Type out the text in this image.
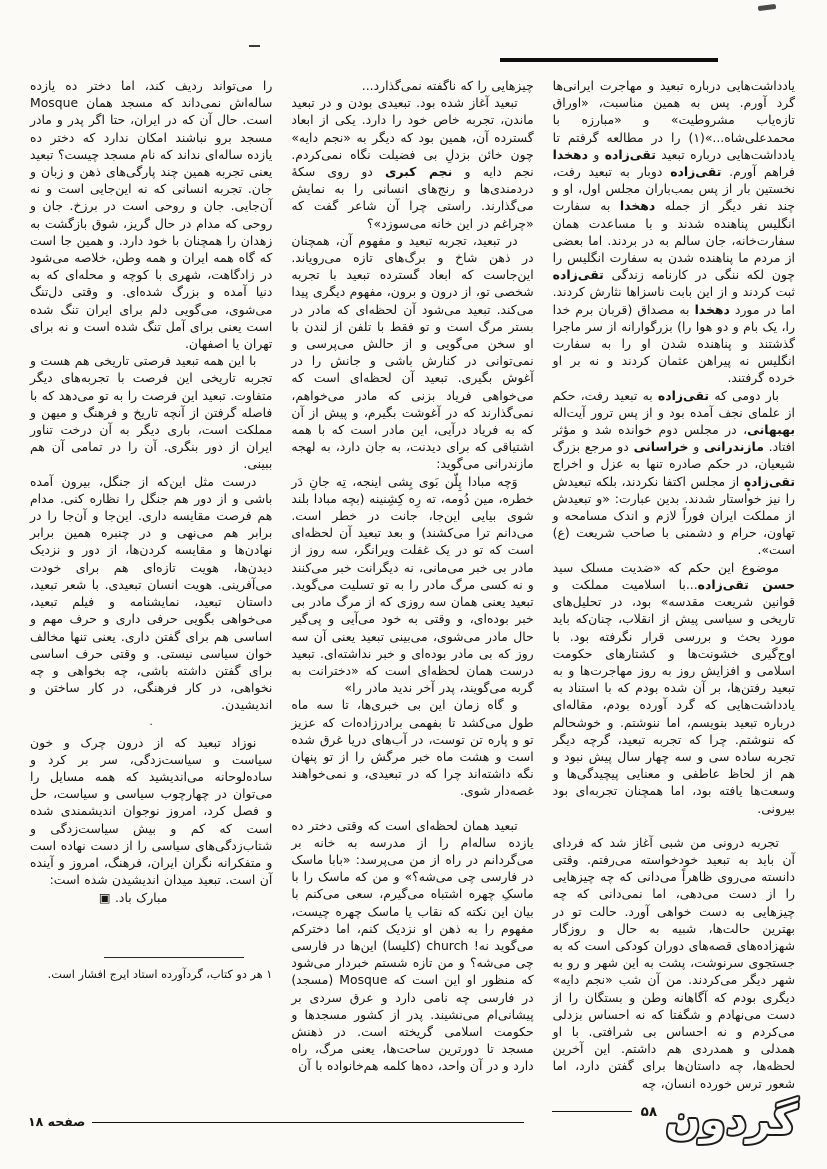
یادداشت‌هایی درباره تبعید و مهاجرت ایرانی‌ها گرد آورم. پس به همین مناسبت، «اوراق تازه‌یاب مشروطیت» و «مبارزه با محمدعلی‌شاه...»(۱) را در مطالعه گرفتم تا یادداشت‌هایی درباره تبعید تقی‌زاده و دهخدا فراهم آورم. تقی‌زاده دوبار به تبعید رفت، نخستین بار از پس بمب‌باران مجلس اول، او و چند نفر دیگر از جمله دهخدا به سفارت انگلیس پناهنده شدند و با مساعدت همان سفارت‌خانه، جان سالم به در بردند. اما بعضی از مردم ما پناهنده شدن به سفارت انگلیس را چون لکه ننگی در کارنامه زندگی تقی‌زاده ثبت کردند و از این بابت ناسزاها نثارش کردند. اما در مورد دهخدا به مصداق (قربان برم خدا را، یک بام و دو هوا را) بزرگوارانه از سر ماجرا گذشتند و پناهنده شدن او را به سفارت انگلیس نه پیراهن عثمان کردند و نه بر او خرده گرفتند.

بار دومی که تقی‌زاده به تبعید رفت، حکم از علمای نجف آمده بود و از پس ترور آیت‌اله بهبهانی، در مجلس دوم خوانده شد و مؤثر افتاد. مازندرانی و خراسانی دو مرجع بزرگ شیعیان، در حکم صادره تنها به عزل و اخراج تقی‌زاده از مجلس اکتفا نکردند، بلکه تبعیدش را نیز خواستار شدند. بدین عبارت: «و تبعیدش از مملکت ایران فوراً لازم و اندک مسامحه و تهاون، حرام و دشمنی با صاحب شریعت (ع) است».

موضوع این حکم که «ضدیت مسلک سید حسن تقی‌زاده...با اسلامیت مملکت و قوانین شریعت مقدسه» بود، در تحلیل‌های تاریخی و سیاسی پیش از انقلاب، چنان‌که باید مورد بحث و بررسی قرار نگرفته بود. با اوج‌گیری خشونت‌ها و کشتارهای حکومت اسلامی و افزایش روز به روز مهاجرت‌ها و به تبعید رفتن‌ها، بر آن شده بودم که با استناد به یادداشت‌هایی که گرد آورده بودم، مقاله‌ای درباره تبعید بنویسم، اما ننوشتم. و خوشحالم که ننوشتم. چرا که تجربه تبعید، گرچه دیگر تجربه ساده سی و سه چهار سال پیش نبود و هم از لحاظ عاطفی و معنایی پیچیدگی‌ها و وسعت‌ها یافته بود، اما همچنان تجربه‌ای بود بیرونی.

تجربه درونی من شبی آغاز شد که فردای آن باید به تبعید خودخواسته می‌رفتم. وقتی دانسته می‌روی ظاهراً می‌دانی که چه چیزهایی را از دست می‌دهی، اما نمی‌دانی که چه چیزهایی به دست خواهی آورد. حالت تو در بهترین حالت‌ها، شبیه به حال و روزگار شهزاده‌های قصه‌های دوران کودکی است که به جستجوی سرنوشت، پشت به این شهر و رو به شهر دیگر می‌کردند. من آن شب «نجم دایه» دیگری بودم که آگاهانه وطن و بستگان را از دست می‌نهادم و شگفتا که نه احساس بزدلی می‌کردم و نه احساس بی شرافتی. با او همدلی و همدردی هم داشتم. این آخرین لحظه‌ها، چه داستان‌ها برای گفتن دارد، اما شعور ترس خورده انسان، چه

چیزهایی را که ناگفته نمی‌گذارد...

تبعید آغاز شده بود. تبعیدی بودن و در تبعید ماندن، تجربه خاص خود را دارد. یکی از ابعاد گسترده آن، همین بود که دیگر به «نجم دایه» چون خائن بزدلِ بی فضیلت نگاه نمی‌کردم. نجم دایه و نجم کبری دو روی سکهٔ دردمندی‌ها و رنج‌های انسانی را به نمایش می‌گذارند. راستی چرا آن شاعر گفت که «چراغم در این خانه می‌سوزد»؟

در تبعید، تجربه تبعید و مفهوم آن، همچنان در ذهن شاخ و برگ‌های تازه می‌رویاند. این‌جاست که ابعاد گسترده تبعید با تجربه شخصی تو، از درون و برون، مفهوم دیگری پیدا می‌کند. تبعید می‌شود آن لحظه‌ای که مادر در بستر مرگ است و تو فقط با تلفن از لندن با او سخن می‌گویی و از حالش می‌پرسی و نمی‌توانی در کنارش باشی و جانش را در آغوش بگیری. تبعید آن لحظه‌ای است که می‌خواهی فریاد بزنی که مادر می‌خواهم، نمی‌گذارند که در آغوشت بگیرم، و پیش از آن که به فریاد درآیی، این مادر است که با همه اشتیاقی که برای دیدنت، به جان دارد، به لهجه مازندرانی می‌گوید:

وَچه مبادا پِلّن بَوی بِشی اینجه، تِه جانِ دَر خطره، مین دُومه، ته رِه کِشِنینه (بچه مبادا بلند شوی بیایی این‌جا، جانت در خطر است. می‌دانم ترا می‌کشند) و بعد تبعید آن لحظه‌ای است که تو در یک غفلت ویرانگر، سه روز از مادر بی خبر می‌مانی، نه دیگرانت خبر می‌کنند و نه کسی مرگ مادر را به تو تسلیت می‌گوید. تبعید یعنی همان سه روزی که از مرگ مادر بی خبر بوده‌ای، و وقتی به خود می‌آیی و پی‌گیر حال مادر می‌شوی، می‌بینی تبعید یعنی آن سه روز که بی مادر بوده‌ای و خبر نداشته‌ای. تبعید درست همان لحظه‌ای است که «دخترانت به گربه می‌گویند، پدر آخر ندید مادر را»

و گاه زمان این بی خبری‌ها، تا سه ماه طول می‌کشد تا بفهمی برادرزاده‌ات که عزیز تو و پاره تن توست، در آب‌های دریا غرق شده است و هشت ماه خبر مرگش را از تو پنهان نگه داشته‌اند چرا که در تبعیدی، و نمی‌خواهند غصه‌دار شوی.

تبعید همان لحظه‌ای است که وقتی دختر ده یازده ساله‌ام را از مدرسه به خانه بر می‌گردانم در راه از من می‌پرسد: «بابا ماسک در فارسی چی می‌شه؟» و من که ماسک را با ماسکِ چهره اشتباه می‌گیرم، سعی می‌کنم با بیان این نکته که نقاب یا ماسک چهره چیست، مفهوم را به ذهن او نزدیک کنم، اما دخترکم می‌گوید نه! church (کلیسا) این‌ها در فارسی چی می‌شه؟ و من تازه شستم خبردار می‌شود که منظور او این است که Mosque (مسجد) در فارسی چه نامی دارد و عرق سردی بر پیشانی‌ام می‌نشیند. پدر از کشور مسجدها و حکومت اسلامی گریخته است. در ذهنش مسجد تا دورترین ساحت‌ها، یعنی مرگ، راه دارد و در آن واحد، ده‌ها کلمه هم‌خانواده با آن

را می‌تواند ردیف کند، اما دختر ده یازده ساله‌اش نمی‌داند که مسجد همان Mosque است. حال آن که در ایران، حتا اگر پدر و مادر مسجد برو نباشند امکان ندارد که دختر ده یازده ساله‌ای نداند که نام مسجد چیست؟ تبعید یعنی تجربه همین چند پارگی‌های ذهن و زبان و جان. تجربه انسانی که نه این‌جایی است و نه آن‌جایی. جان و روحی است در برزخ. جان و روحی که مدام در حال گریز، شوق بازگشت به زهدان را همچنان با خود دارد. و همین جا است که گاه همه ایران و همه وطن، خلاصه می‌شود در زادگاهت، شهری با کوچه و محله‌ای که به دنیا آمده و بزرگ شده‌ای. و وقتی دل‌تنگ می‌شوی، می‌گویی دلم برای ایران تنگ شده است یعنی برای آمل تنگ شده است و نه برای تهران یا اصفهان.

با این همه تبعید فرصتی تاریخی هم هست و تجربه تاریخی این فرصت با تجربه‌های دیگر متفاوت. تبعید این فرصت را به تو می‌دهد که با فاصله گرفتن از آنچه تاریخ و فرهنگ و میهن و مملکت است، باری دیگر به آن درخت تناور ایران از دور بنگری. آن را در تمامی آن هم ببینی.

درست مثل این‌که از جنگل، بیرون آمده باشی و از دور هم جنگل را نظاره کنی. مدام هم فرصت مقایسه داری. این‌جا و آن‌جا را در برابر هم می‌نهی و در چنبره همین برابر نهادن‌ها و مقایسه کردن‌ها، از دور و نزدیک دیدن‌ها، هویت تازه‌ای هم برای خودت می‌آفرینی. هویت انسان تبعیدی. با شعر تبعید، داستان تبعید، نمایشنامه و فیلم تبعید، می‌خواهی بگویی حرفی داری و حرف مهم و اساسی هم برای گفتن داری. یعنی تنها مخالف خوان سیاسی نیستی. و وقتی حرف اساسی برای گفتن داشته باشی، چه بخواهی و چه نخواهی، در کار فرهنگی، در کار ساختن و اندیشیدن.

·

نوزاد تبعید که از درون چرک و خون سیاست و سیاست‌زدگی، سر بر کرد و ساده‌لوحانه می‌اندیشید که همه مسایل را می‌توان در چهارچوب سیاسی و سیاست، حل و فصل کرد، امروز نوجوان اندیشمندی شده است که کم و بیش سیاست‌زدگی و شتاب‌زدگی‌های سیاسی را از دست نهاده است و متفکرانه نگران ایران، فرهنگ، امروز و آینده آن است. تبعید میدان اندیشیدن شده است:

مبارک باد. ▣

۱ هر دو کتاب، گردآورده استاد ایرج افشار است.

صفحه ۱۸
۵۸ گردون
